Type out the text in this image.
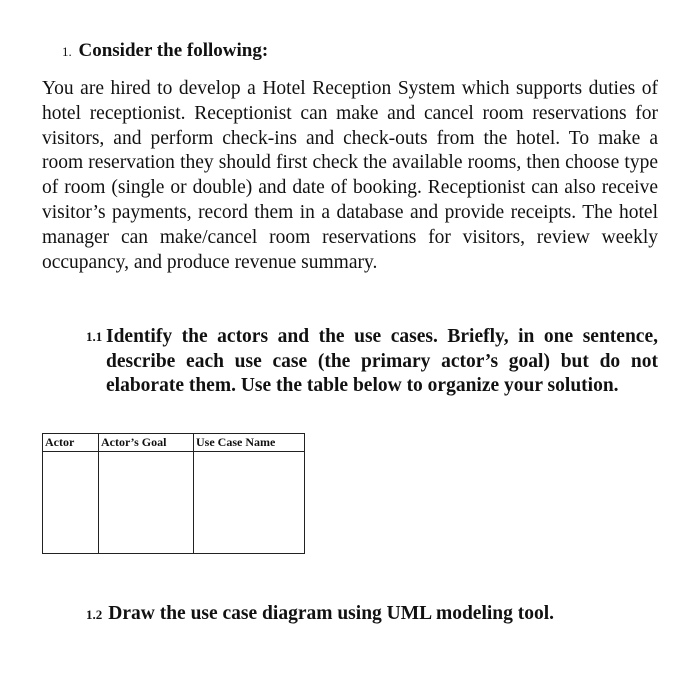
1. Consider the following:
You are hired to develop a Hotel Reception System which supports duties of hotel receptionist. Receptionist can make and cancel room reservations for visitors, and perform check-ins and check-outs from the hotel. To make a room reservation they should first check the available rooms, then choose type of room (single or double) and date of booking. Receptionist can also receive visitor’s payments, record them in a database and provide receipts. The hotel manager can make/cancel room reservations for visitors, review weekly occupancy, and produce revenue summary.
1.1 Identify the actors and the use cases. Briefly, in one sentence, describe each use case (the primary actor’s goal) but do not elaborate them. Use the table below to organize your solution.
Actor	Actor’s Goal	Use Case Name

1.2 Draw the use case diagram using UML modeling tool.
